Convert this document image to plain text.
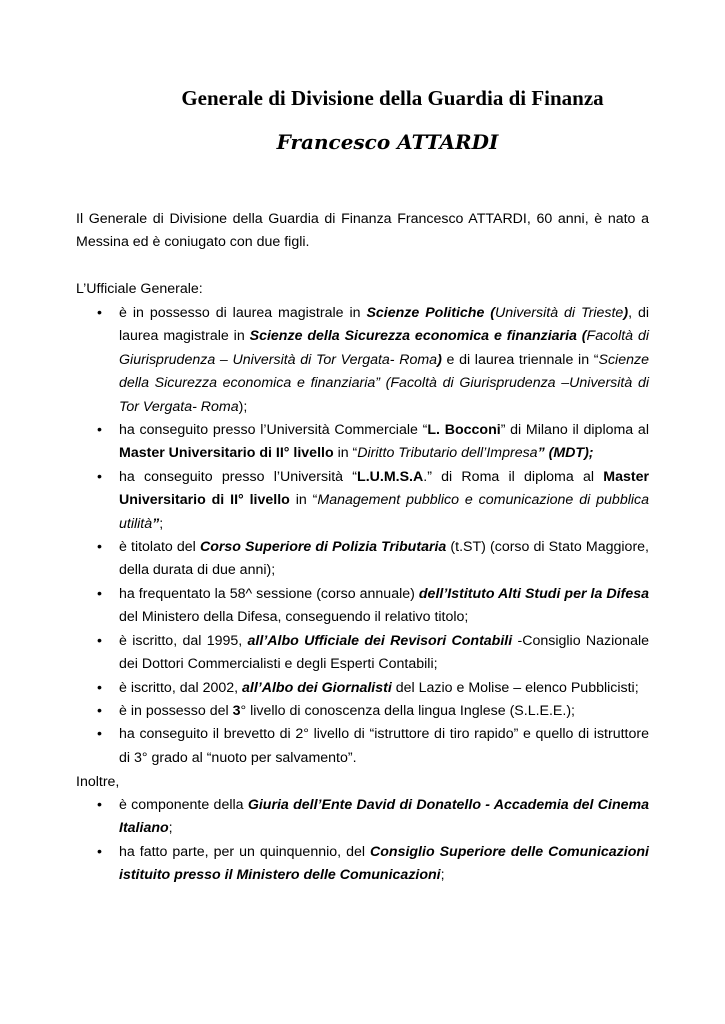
Generale di Divisione della Guardia di Finanza
Francesco ATTARDI
Il Generale di Divisione della Guardia di Finanza Francesco ATTARDI, 60 anni, è nato a Messina ed è coniugato con due figli.
L’Ufficiale Generale:
• è in possesso di laurea magistrale in Scienze Politiche (Università di Trieste), di laurea magistrale in Scienze della Sicurezza economica e finanziaria (Facoltà di Giurisprudenza – Università di Tor Vergata- Roma) e di laurea triennale in “Scienze della Sicurezza economica e finanziaria” (Facoltà di Giurisprudenza –Università di Tor Vergata- Roma);
• ha conseguito presso l’Università Commerciale “L. Bocconi” di Milano il diploma al Master Universitario di II° livello in “Diritto Tributario dell’Impresa” (MDT);
• ha conseguito presso l’Università “L.U.M.S.A.” di Roma il diploma al Master Universitario di II° livello in “Management pubblico e comunicazione di pubblica utilità”;
• è titolato del Corso Superiore di Polizia Tributaria (t.ST) (corso di Stato Maggiore, della durata di due anni);
• ha frequentato la 58^ sessione (corso annuale) dell’Istituto Alti Studi per la Difesa del Ministero della Difesa, conseguendo il relativo titolo;
• è iscritto, dal 1995, all’Albo Ufficiale dei Revisori Contabili -Consiglio Nazionale dei Dottori Commercialisti e degli Esperti Contabili;
• è iscritto, dal 2002, all’Albo dei Giornalisti del Lazio e Molise – elenco Pubblicisti;
• è in possesso del 3° livello di conoscenza della lingua Inglese (S.L.E.E.);
• ha conseguito il brevetto di 2° livello di “istruttore di tiro rapido” e quello di istruttore di 3° grado al “nuoto per salvamento”.
Inoltre,
• è componente della Giuria dell’Ente David di Donatello - Accademia del Cinema Italiano;
• ha fatto parte, per un quinquennio, del Consiglio Superiore delle Comunicazioni istituito presso il Ministero delle Comunicazioni;
